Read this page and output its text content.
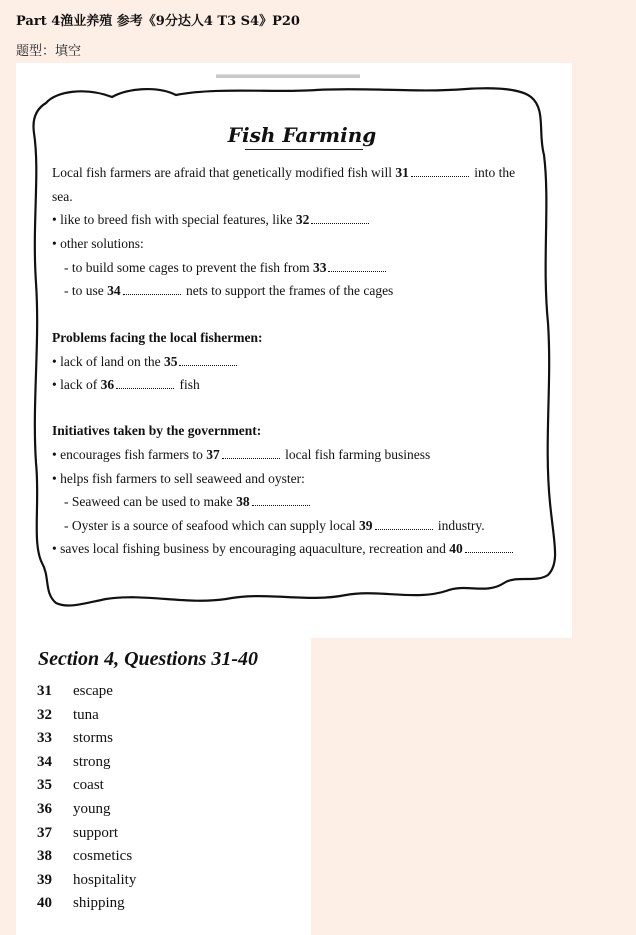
Part 4渔业养殖 参考《9分达人4 T3 S4》P20
题型：填空
▬▬▬▬▬▬▬▬▬▬▬▬
Fish Farming
Local fish farmers are afraid that genetically modified fish will 31	into the
sea.
• like to breed fish with special features, like 32
• other solutions:
- to build some cages to prevent the fish from 33
- to use 34	nets to support the frames of the cages
Problems facing the local fishermen:
• lack of land on the 35
• lack of 36	fish
Initiatives taken by the government:
• encourages fish farmers to 37	local fish farming business
• helps fish farmers to sell seaweed and oyster:
- Seaweed can be used to make 38
- Oyster is a source of seafood which can supply local 39	industry.
• saves local fishing business by encouraging aquaculture, recreation and 40
Section 4, Questions 31-40
31 escape
32 tuna
33 storms
34 strong
35 coast
36 young
37 support
38 cosmetics
39 hospitality
40 shipping
